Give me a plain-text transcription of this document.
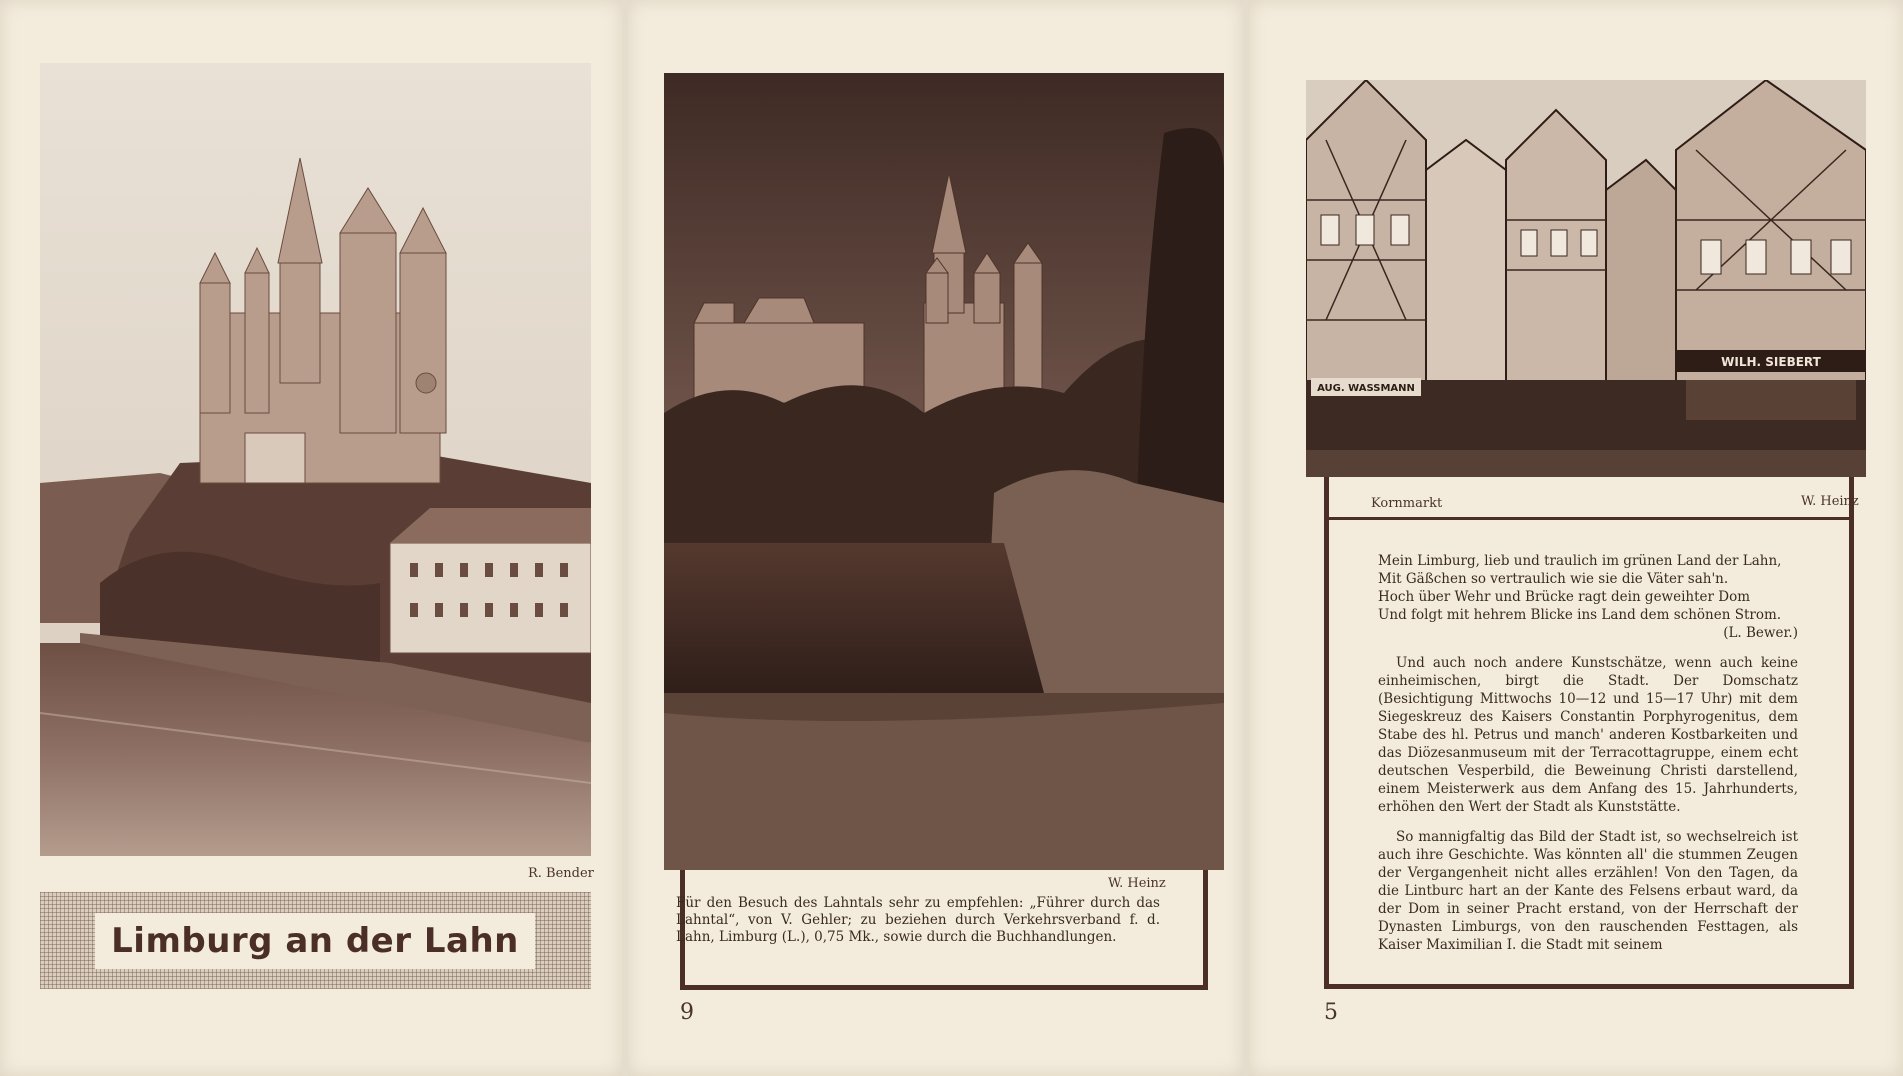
R. Bender
Limburg an der Lahn
W. Heinz
9
Für den Besuch des Lahntals sehr zu empfehlen: „Führer durch das Lahntal“, von V. Gehler; zu beziehen durch Verkehrsverband f. d. Lahn, Limburg (L.), 0,75 Mk., sowie durch die Buchhandlungen.
WILH. SIEBERT
AUG. WASSMANN
Kornmarkt	W. Heinz
5
Mein Limburg, lieb und traulich im grünen Land der Lahn,
Mit Gäßchen so vertraulich wie sie die Väter sah'n.
Hoch über Wehr und Brücke ragt dein geweihter Dom
Und folgt mit hehrem Blicke ins Land dem schönen Strom.
(L. Bewer.)

Und auch noch andere Kunstschätze, wenn auch keine einheimischen, birgt die Stadt. Der Domschatz (Besichtigung Mittwochs 10—12 und 15—17 Uhr) mit dem Siegeskreuz des Kaisers Constantin Porphyrogenitus, dem Stabe des hl. Petrus und manch' anderen Kostbarkeiten und das Diözesanmuseum mit der Terracottagruppe, einem echt deutschen Vesperbild, die Beweinung Christi darstellend, einem Meisterwerk aus dem Anfang des 15. Jahrhunderts, erhöhen den Wert der Stadt als Kunststätte.

So mannigfaltig das Bild der Stadt ist, so wechselreich ist auch ihre Geschichte. Was könnten all' die stummen Zeugen der Vergangenheit nicht alles erzählen! Von den Tagen, da die Lintburc hart an der Kante des Felsens erbaut ward, da der Dom in seiner Pracht erstand, von der Herrschaft der Dynasten Limburgs, von den rauschenden Festtagen, als Kaiser Maximilian I. die Stadt mit seinem
